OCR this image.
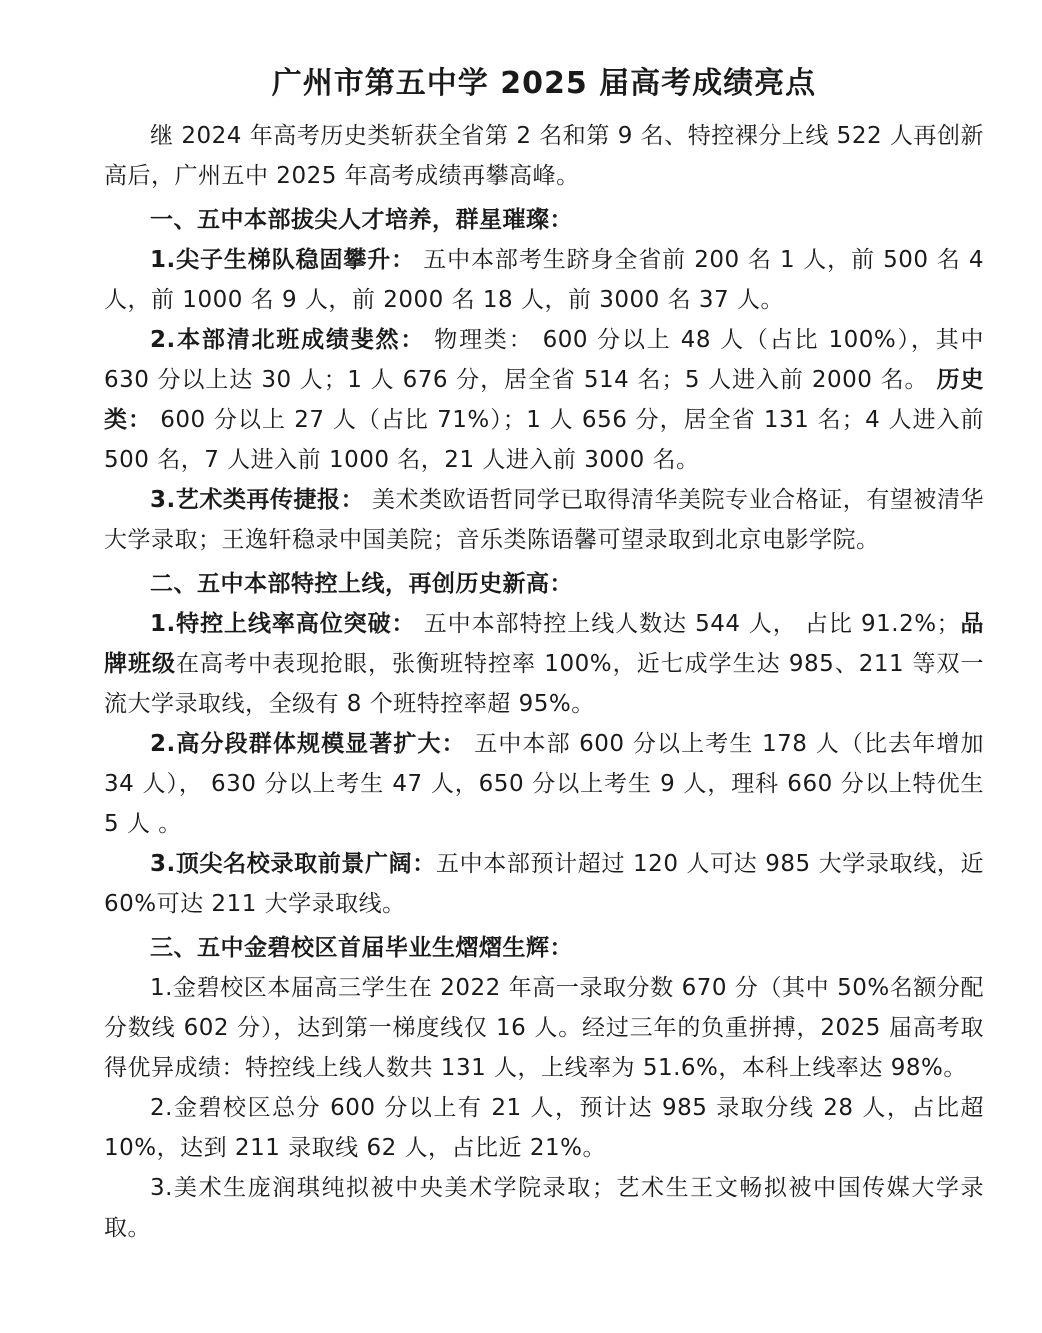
广州市第五中学 2025 届高考成绩亮点

继 2024 年高考历史类斩获全省第 2 名和第 9 名、特控裸分上线 522 人再创新高后，广州五中 2025 年高考成绩再攀高峰。

一、五中本部拔尖人才培养，群星璀璨：

1.尖子生梯队稳固攀升： 五中本部考生跻身全省前 200 名 1 人，前 500 名 4 人，前 1000 名 9 人，前 2000 名 18 人，前 3000 名 37 人。

2.本部清北班成绩斐然： 物理类： 600 分以上 48 人（占比 100%），其中 630 分以上达 30 人；1 人 676 分，居全省 514 名；5 人进入前 2000 名。 历史类： 600 分以上 27 人（占比 71%）；1 人 656 分，居全省 131 名；4 人进入前 500 名，7 人进入前 1000 名，21 人进入前 3000 名。

3.艺术类再传捷报： 美术类欧语哲同学已取得清华美院专业合格证，有望被清华大学录取；王逸轩稳录中国美院；音乐类陈语馨可望录取到北京电影学院。

二、五中本部特控上线，再创历史新高：

1.特控上线率高位突破： 五中本部特控上线人数达 544 人， 占比 91.2%；品牌班级在高考中表现抢眼，张衡班特控率 100%，近七成学生达 985、211 等双一流大学录取线，全级有 8 个班特控率超 95%。

2.高分段群体规模显著扩大： 五中本部 600 分以上考生 178 人（比去年增加 34 人）， 630 分以上考生 47 人，650 分以上考生 9 人，理科 660 分以上特优生 5 人 。

3.顶尖名校录取前景广阔：五中本部预计超过 120 人可达 985 大学录取线，近 60%可达 211 大学录取线。

三、五中金碧校区首届毕业生熠熠生辉：

1.金碧校区本届高三学生在 2022 年高一录取分数 670 分（其中 50%名额分配分数线 602 分），达到第一梯度线仅 16 人。经过三年的负重拼搏，2025 届高考取得优异成绩：特控线上线人数共 131 人，上线率为 51.6%，本科上线率达 98%。

2.金碧校区总分 600 分以上有 21 人，预计达 985 录取分线 28 人，占比超 10%，达到 211 录取线 62 人，占比近 21%。

3.美术生庞润琪纯拟被中央美术学院录取；艺术生王文畅拟被中国传媒大学录取。
